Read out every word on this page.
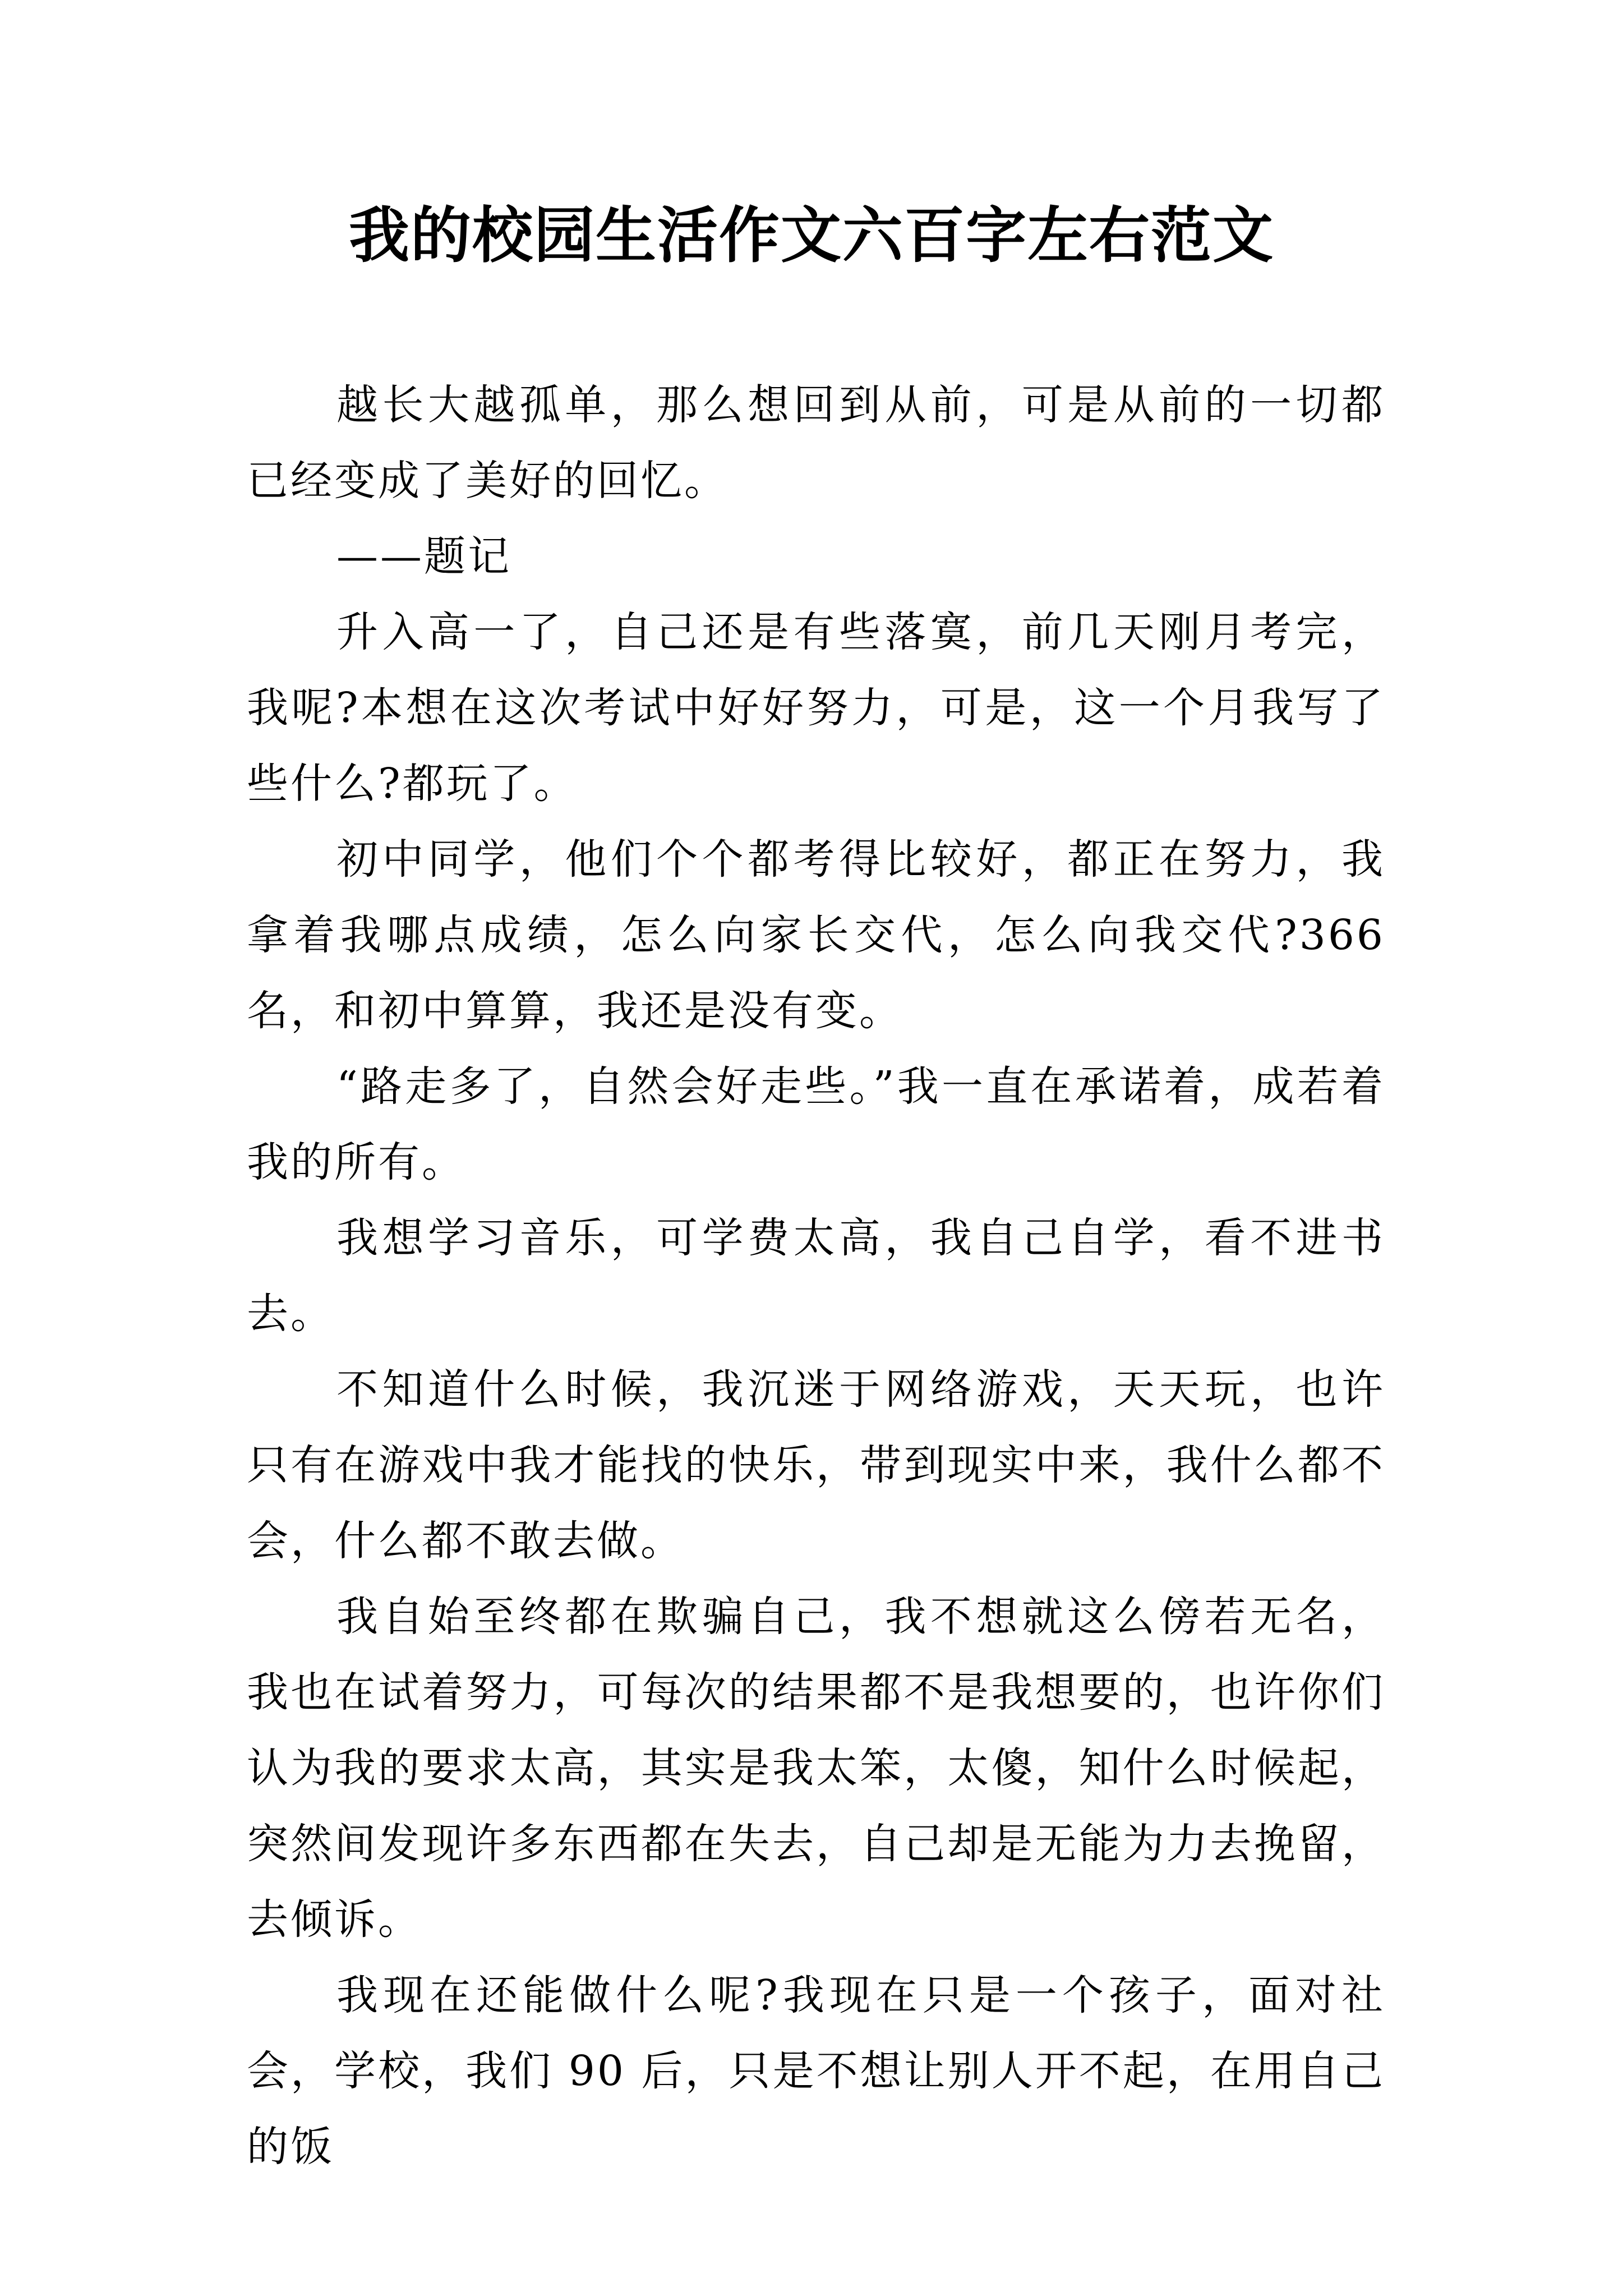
我的校园生活作文六百字左右范文

越长大越孤单，那么想回到从前，可是从前的一切都已经变成了美好的回忆。

——题记

升入高一了，自己还是有些落寞，前几天刚月考完，我呢?本想在这次考试中好好努力，可是，这一个月我写了些什么?都玩了。

初中同学，他们个个都考得比较好，都正在努力，我拿着我哪点成绩，怎么向家长交代，怎么向我交代?366 名，和初中算算，我还是没有变。

“路走多了，自然会好走些。”我一直在承诺着，成若着我的所有。

我想学习音乐，可学费太高，我自己自学，看不进书去。

不知道什么时候，我沉迷于网络游戏，天天玩，也许只有在游戏中我才能找的快乐，带到现实中来，我什么都不会，什么都不敢去做。

我自始至终都在欺骗自己，我不想就这么傍若无名，我也在试着努力，可每次的结果都不是我想要的，也许你们认为我的要求太高，其实是我太笨，太傻，知什么时候起，突然间发现许多东西都在失去，自己却是无能为力去挽留，去倾诉。

我现在还能做什么呢?我现在只是一个孩子，面对社会，学校，我们 90 后，只是不想让别人开不起，在用自己的饭
